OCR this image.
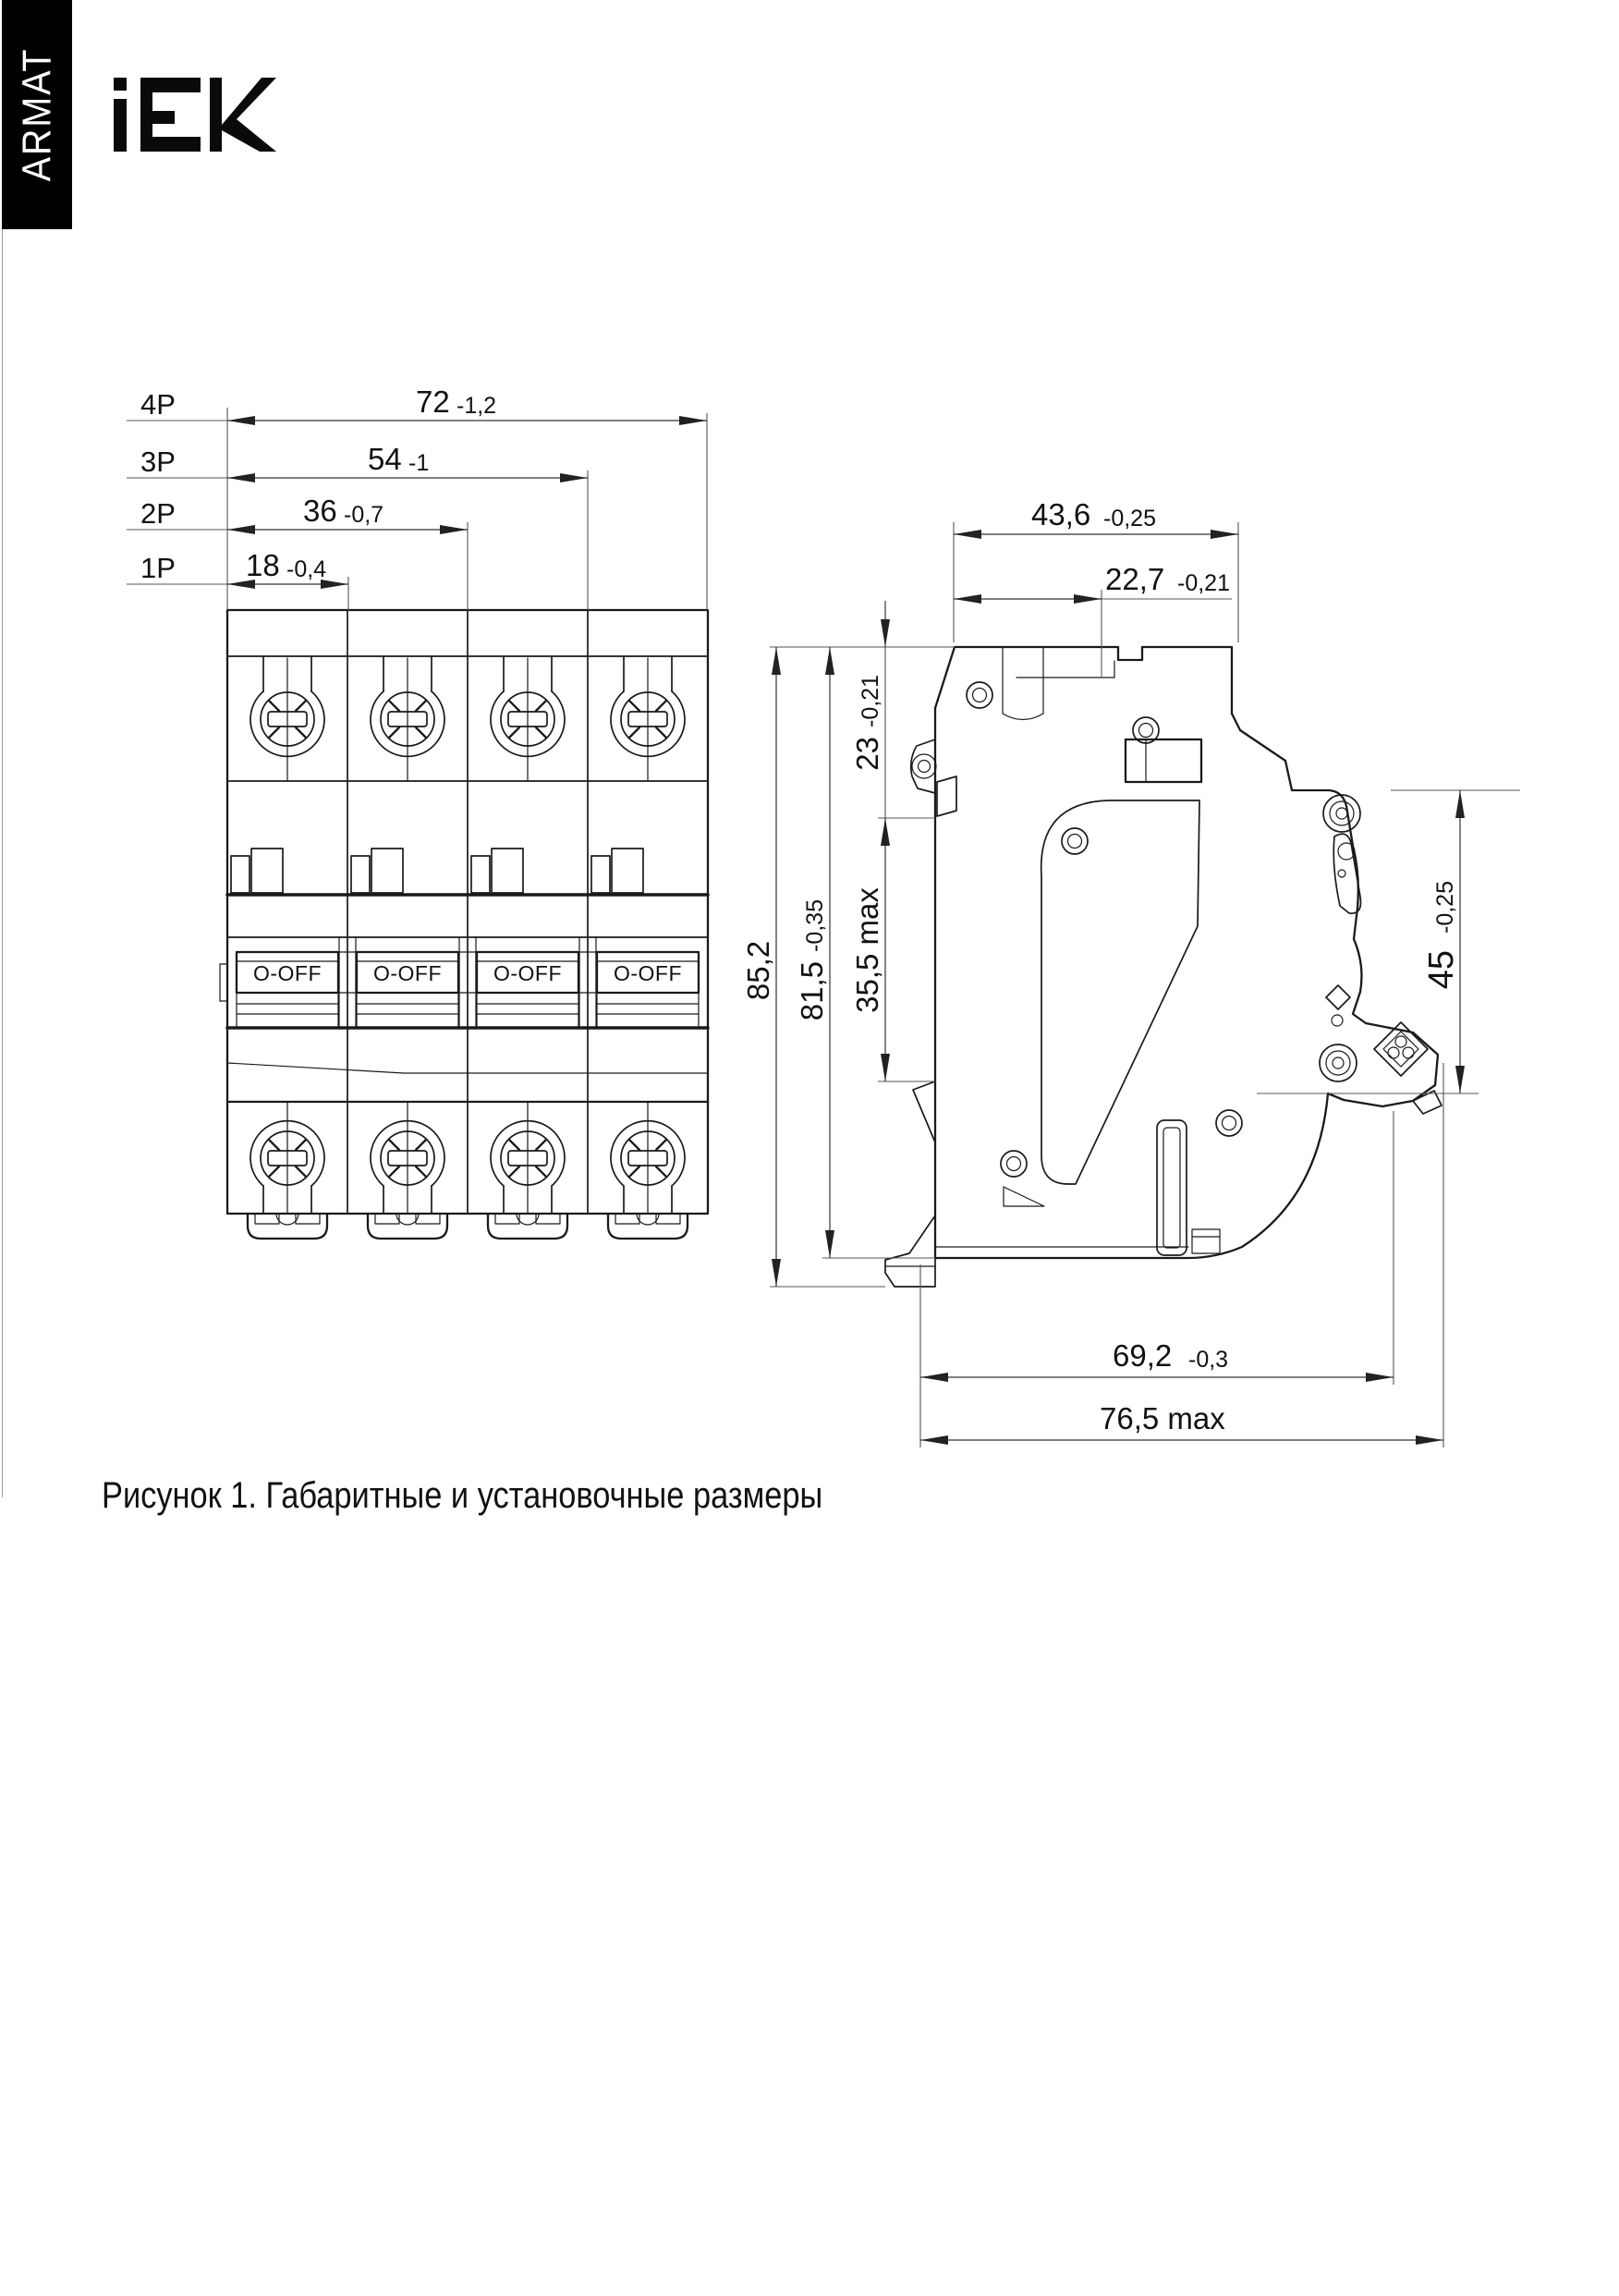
ARMAT
O-OFF O-OFF O-OFF O-OFF
4P
3P
2P
1P
72 -1,2
54 -1
36 -0,7
18 -0,4
43,6 -0,25
22,7 -0,21
85,2 81,5
-0,35 35,5 max
23
-0,21
45
-0,25
69,2 -0,3
76,5 max
Рисунок 1. Габаритные и установочные размеры
